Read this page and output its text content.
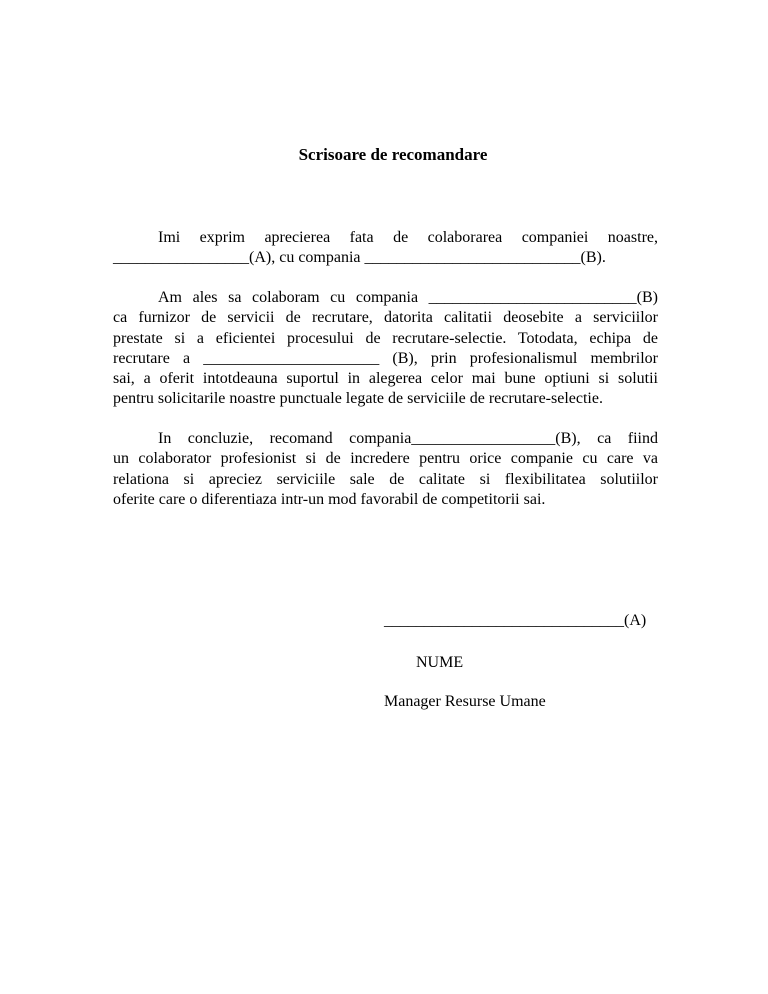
Scrisoare de recomandare
Imi exprim aprecierea fata de colaborarea companiei noastre,
_________________(A), cu compania ___________________________(B).
Am ales sa colaboram cu compania __________________________(B)
ca furnizor de servicii de recrutare, datorita calitatii deosebite a serviciilor
prestate si a eficientei procesului de recrutare-selectie. Totodata, echipa de
recrutare a ______________________ (B), prin profesionalismul membrilor
sai, a oferit intotdeauna suportul in alegerea celor mai bune optiuni si solutii
pentru solicitarile noastre punctuale legate de serviciile de recrutare-selectie.
In concluzie, recomand compania__________________(B), ca fiind
un colaborator profesionist si de incredere pentru orice companie cu care va
relationa si apreciez serviciile sale de calitate si flexibilitatea solutiilor
oferite care o diferentiaza intr-un mod favorabil de competitorii sai.
______________________________(A)
NUME
Manager Resurse Umane
